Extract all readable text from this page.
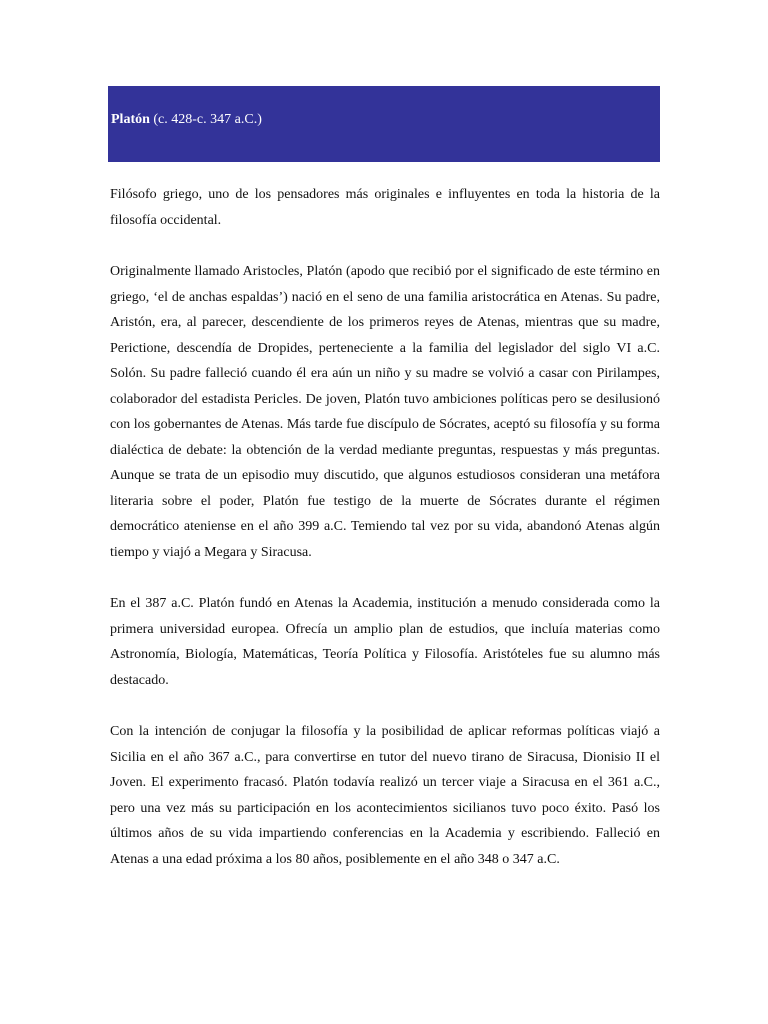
Platón (c. 428-c. 347 a.C.)

Filósofo griego, uno de los pensadores más originales e influyentes en toda la historia de la filosofía occidental.

Originalmente llamado Aristocles, Platón (apodo que recibió por el significado de este término en griego, ‘el de anchas espaldas’) nació en el seno de una familia aristocrática en Atenas. Su padre, Aristón, era, al parecer, descendiente de los primeros reyes de Atenas, mientras que su madre, Perictione, descendía de Dropides, perteneciente a la familia del legislador del siglo VI a.C. Solón. Su padre falleció cuando él era aún un niño y su madre se volvió a casar con Pirilampes, colaborador del estadista Pericles. De joven, Platón tuvo ambiciones políticas pero se desilusionó con los gobernantes de Atenas. Más tarde fue discípulo de Sócrates, aceptó su filosofía y su forma dialéctica de debate: la obtención de la verdad mediante preguntas, respuestas y más preguntas. Aunque se trata de un episodio muy discutido, que algunos estudiosos consideran una metáfora literaria sobre el poder, Platón fue testigo de la muerte de Sócrates durante el régimen democrático ateniense en el año 399 a.C. Temiendo tal vez por su vida, abandonó Atenas algún tiempo y viajó a Megara y Siracusa.

En el 387 a.C. Platón fundó en Atenas la Academia, institución a menudo considerada como la primera universidad europea. Ofrecía un amplio plan de estudios, que incluía materias como Astronomía, Biología, Matemáticas, Teoría Política y Filosofía. Aristóteles fue su alumno más destacado.

Con la intención de conjugar la filosofía y la posibilidad de aplicar reformas políticas viajó a Sicilia en el año 367 a.C., para convertirse en tutor del nuevo tirano de Siracusa, Dionisio II el Joven. El experimento fracasó. Platón todavía realizó un tercer viaje a Siracusa en el 361 a.C., pero una vez más su participación en los acontecimientos sicilianos tuvo poco éxito. Pasó los últimos años de su vida impartiendo conferencias en la Academia y escribiendo. Falleció en Atenas a una edad próxima a los 80 años, posiblemente en el año 348 o 347 a.C.
